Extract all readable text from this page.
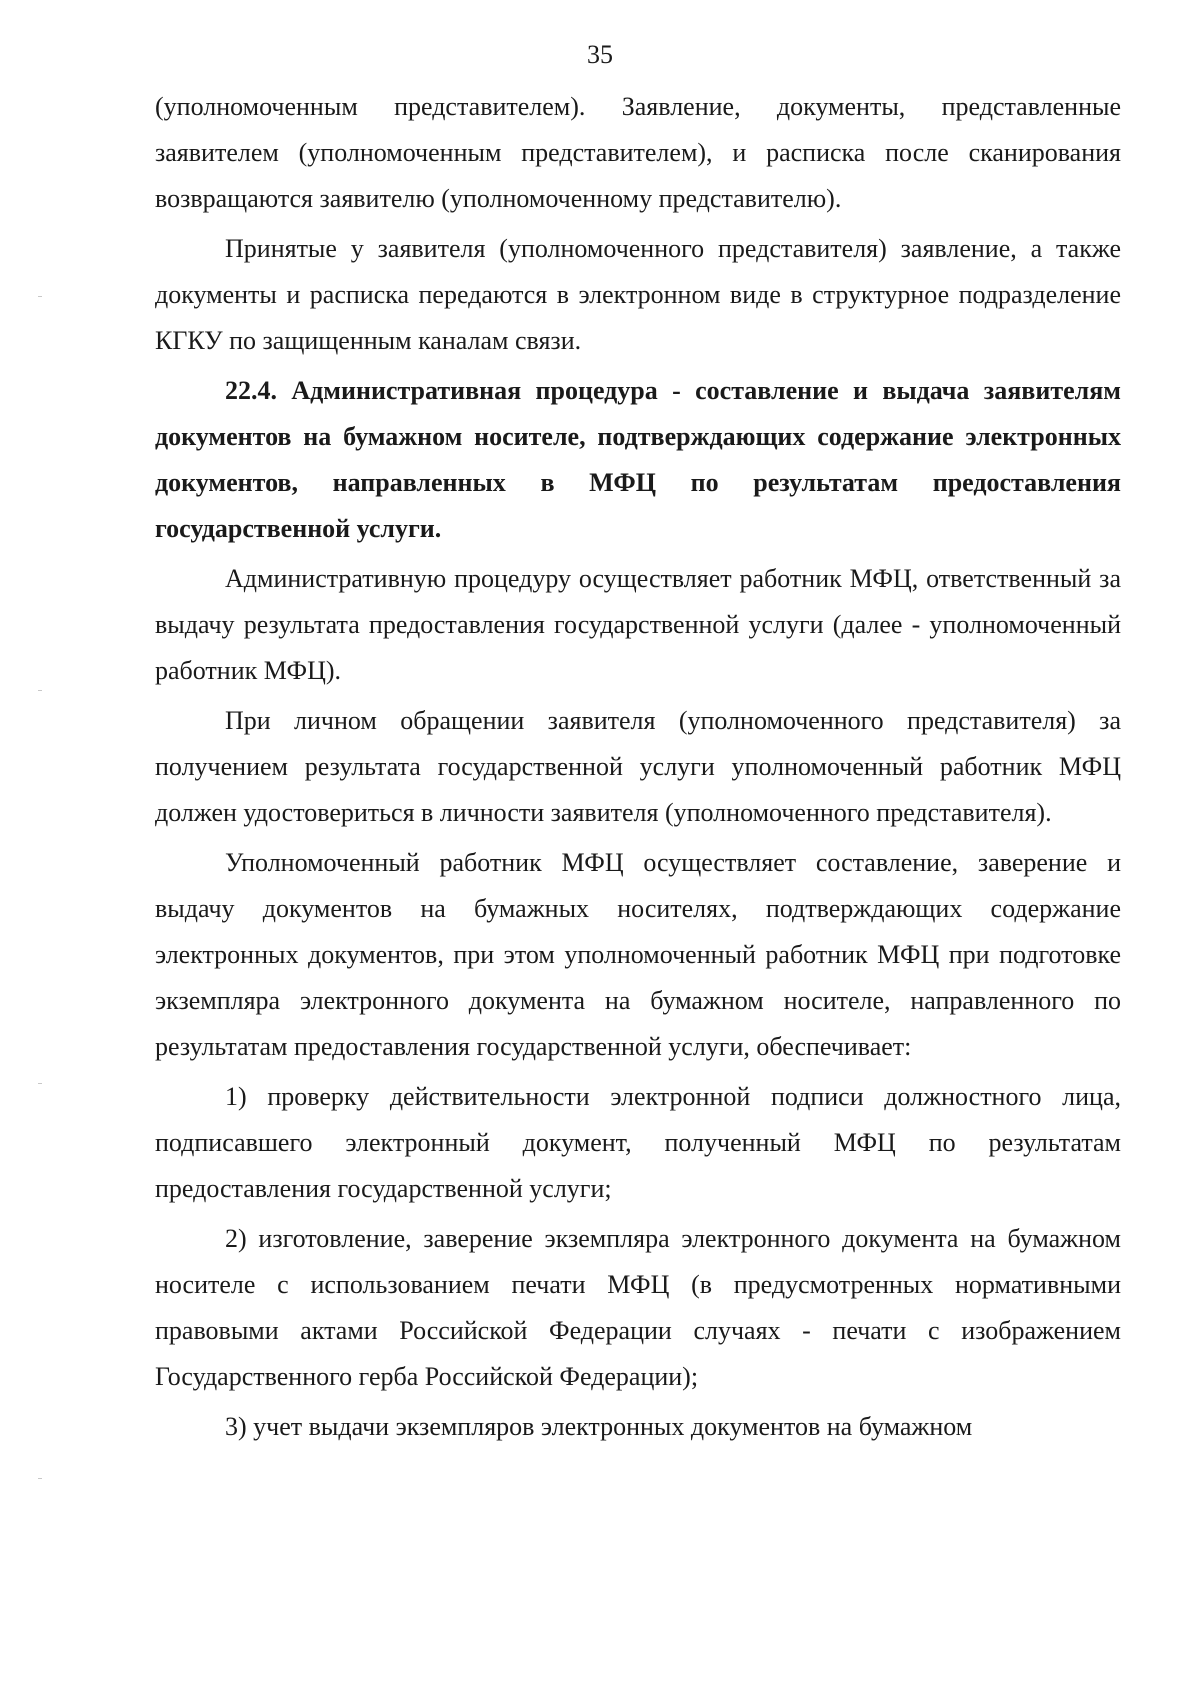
35

(уполномоченным представителем). Заявление, документы, представленные заявителем (уполномоченным представителем), и расписка после сканирования возвращаются заявителю (уполномоченному представителю).

Принятые у заявителя (уполномоченного представителя) заявление, а также документы и расписка передаются в электронном виде в структурное подразделение КГКУ по защищенным каналам связи.

22.4. Административная процедура - составление и выдача заявителям документов на бумажном носителе, подтверждающих содержание электронных документов, направленных в МФЦ по результатам предоставления государственной услуги.

Административную процедуру осуществляет работник МФЦ, ответственный за выдачу результата предоставления государственной услуги (далее - уполномоченный работник МФЦ).

При личном обращении заявителя (уполномоченного представителя) за получением результата государственной услуги уполномоченный работник МФЦ должен удостовериться в личности заявителя (уполномоченного представителя).

Уполномоченный работник МФЦ осуществляет составление, заверение и выдачу документов на бумажных носителях, подтверждающих содержание электронных документов, при этом уполномоченный работник МФЦ при подготовке экземпляра электронного документа на бумажном носителе, направленного по результатам предоставления государственной услуги, обеспечивает:

1) проверку действительности электронной подписи должностного лица, подписавшего электронный документ, полученный МФЦ по результатам предоставления государственной услуги;

2) изготовление, заверение экземпляра электронного документа на бумажном носителе с использованием печати МФЦ (в предусмотренных нормативными правовыми актами Российской Федерации случаях - печати с изображением Государственного герба Российской Федерации);

3) учет выдачи экземпляров электронных документов на бумажном
